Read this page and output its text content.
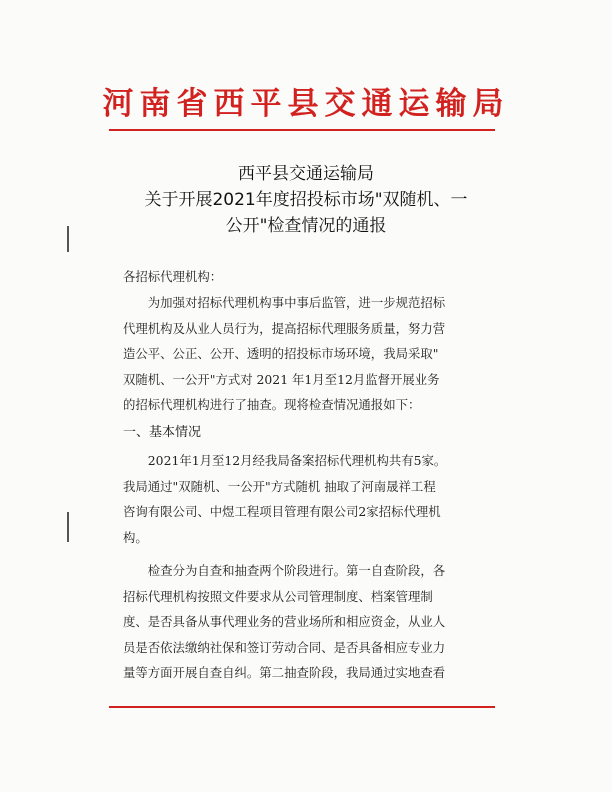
河南省西平县交通运输局
西平县交通运输局
关于开展2021年度招投标市场"双随机、一
公开"检查情况的通报
各招标代理机构：
为加强对招标代理机构事中事后监管，进一步规范招标
代理机构及从业人员行为，提高招标代理服务质量，努力营
造公平、公正、公开、透明的招投标市场环境，我局采取"
双随机、一公开"方式对 2021 年1月至12月监督开展业务
的招标代理机构进行了抽查。现将检查情况通报如下：
一、基本情况
2021年1月至12月经我局备案招标代理机构共有5家。
我局通过"双随机、一公开"方式随机 抽取了河南晟祥工程
咨询有限公司、中煜工程项目管理有限公司2家招标代理机
构。
检查分为自查和抽查两个阶段进行。第一自查阶段，各
招标代理机构按照文件要求从公司管理制度、档案管理制
度、是否具备从事代理业务的营业场所和相应资金，从业人
员是否依法缴纳社保和签订劳动合同、是否具备相应专业力
量等方面开展自查自纠。第二抽查阶段，我局通过实地查看
